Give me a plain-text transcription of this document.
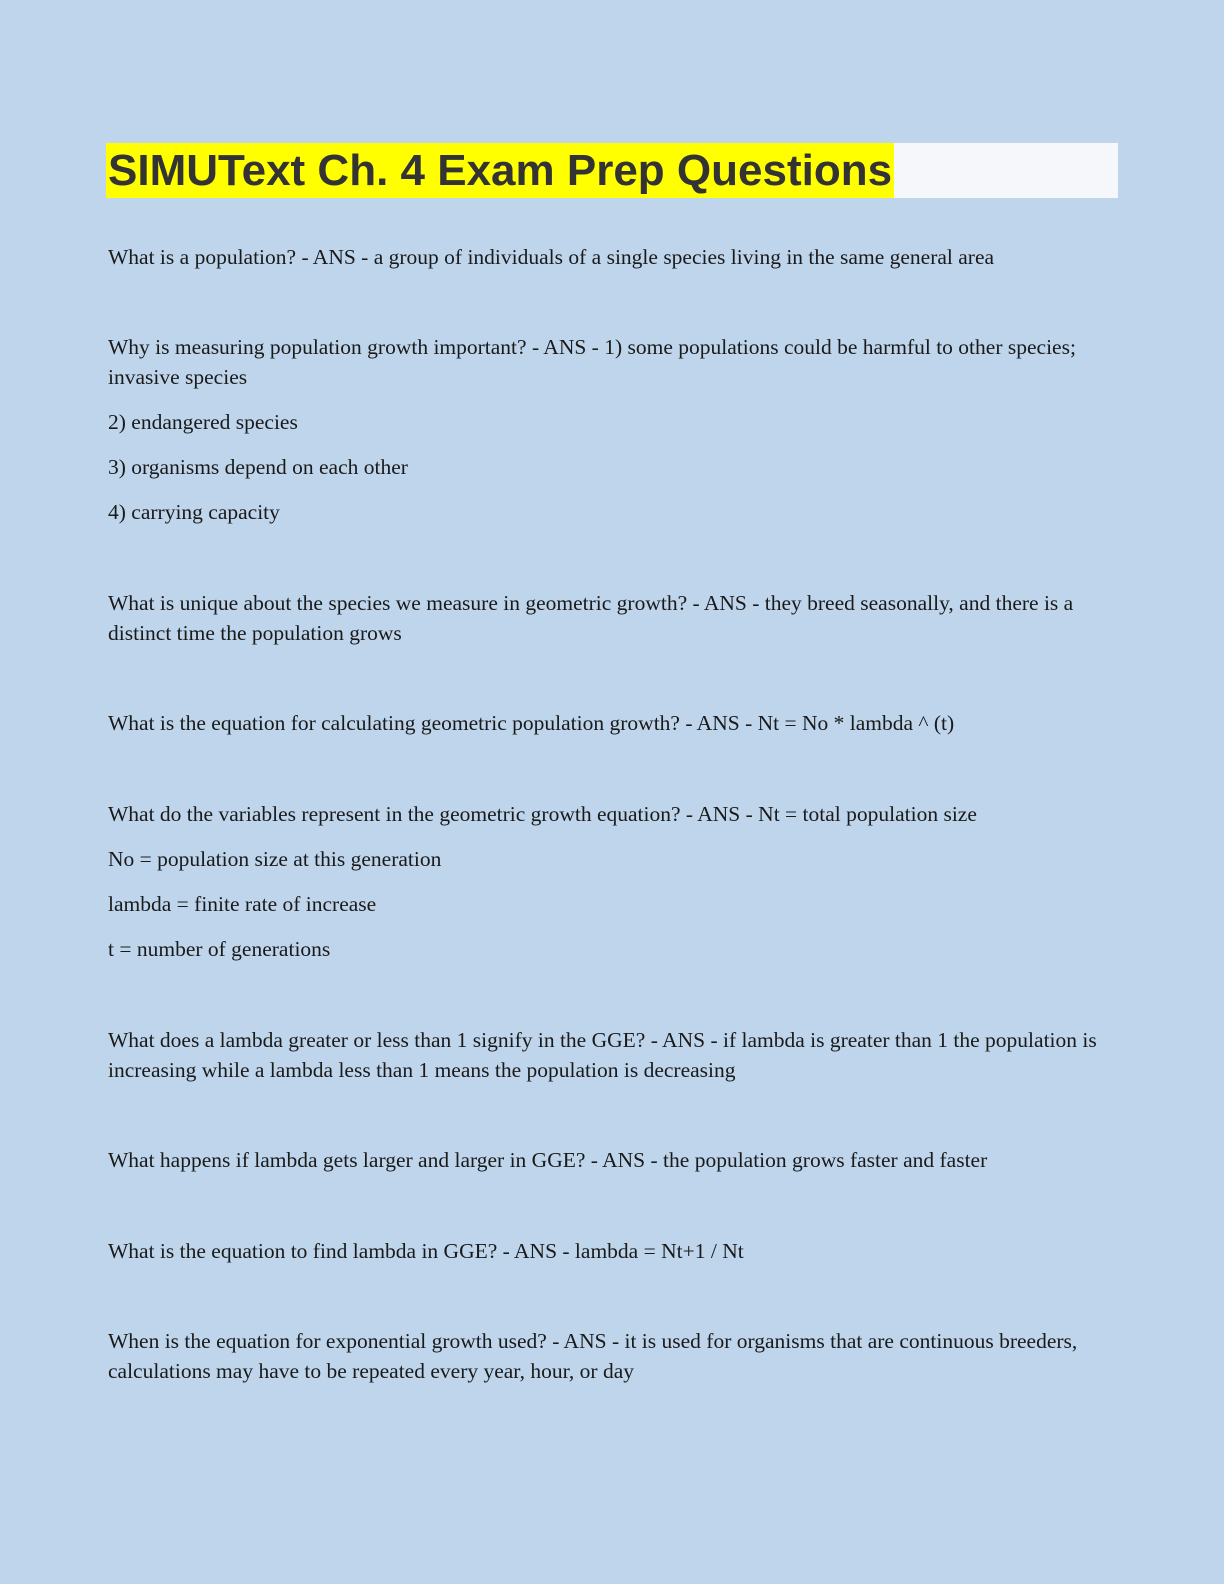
SIMUText Ch. 4 Exam Prep Questions

What is a population? - ANS - a group of individuals of a single species living in the same general area

Why is measuring population growth important? - ANS - 1) some populations could be harmful to other species; invasive species

2) endangered species

3) organisms depend on each other

4) carrying capacity

What is unique about the species we measure in geometric growth? - ANS - they breed seasonally, and there is a distinct time the population grows

What is the equation for calculating geometric population growth? - ANS - Nt = No * lambda ^ (t)

What do the variables represent in the geometric growth equation? - ANS - Nt = total population size

No = population size at this generation

lambda = finite rate of increase

t = number of generations

What does a lambda greater or less than 1 signify in the GGE? - ANS - if lambda is greater than 1 the population is increasing while a lambda less than 1 means the population is decreasing

What happens if lambda gets larger and larger in GGE? - ANS - the population grows faster and faster

What is the equation to find lambda in GGE? - ANS - lambda = Nt+1 / Nt

When is the equation for exponential growth used? - ANS - it is used for organisms that are continuous breeders, calculations may have to be repeated every year, hour, or day
